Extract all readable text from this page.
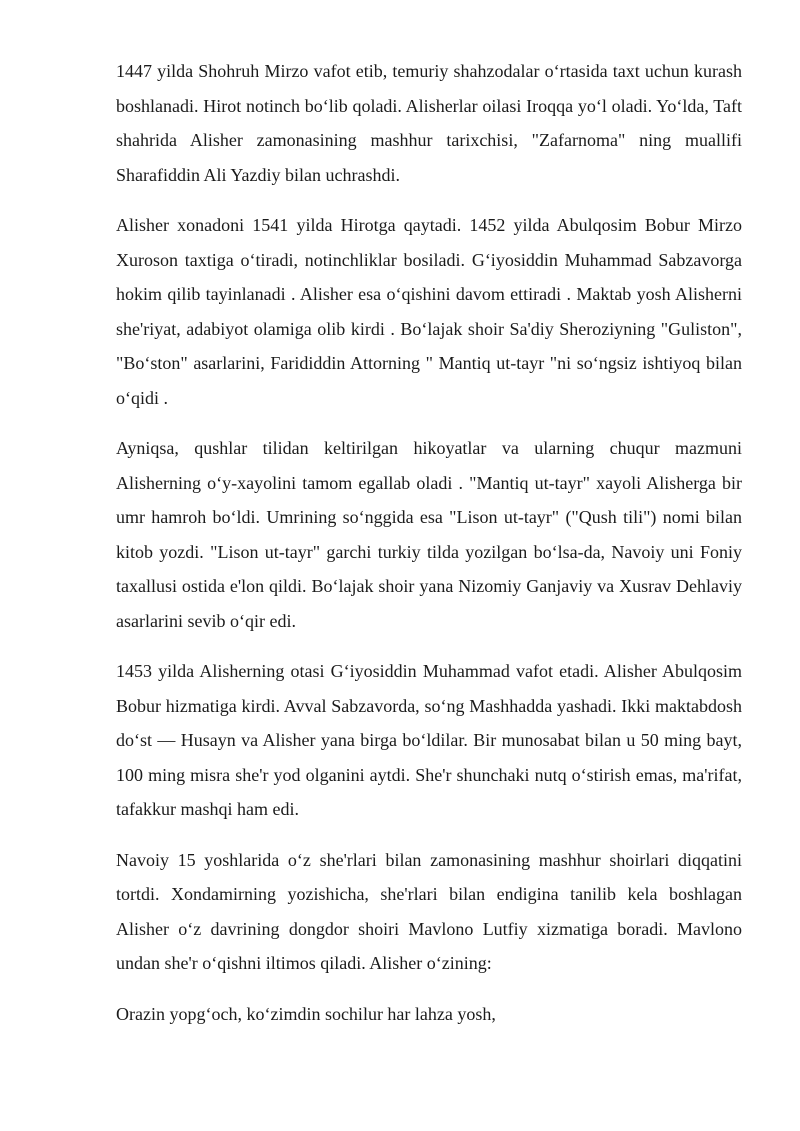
1447 yilda Shohruh Mirzo vafot etib, temuriy shahzodalar o‘rtasida taxt uchun kurash boshlanadi. Hirot notinch bo‘lib qoladi. Alisherlar oilasi Iroqqa yo‘l oladi. Yo‘lda, Taft shahrida Alisher zamonasining mashhur tarixchisi, "Zafarnoma" ning muallifi Sharafiddin Ali Yazdiy bilan uchrashdi.

Alisher xonadoni 1541 yilda Hirotga qaytadi. 1452 yilda Abulqosim Bobur Mirzo Xuroson taxtiga o‘tiradi, notinchliklar bosiladi. G‘iyosiddin Muhammad Sabzavorga hokim qilib tayinlanadi . Alisher esa o‘qishini davom ettiradi . Maktab yosh Alisherni she'riyat, adabiyot olamiga olib kirdi . Bo‘lajak shoir Sa'diy Sheroziyning "Guliston", "Bo‘ston" asarlarini, Farididdin Attorning " Mantiq ut-tayr "ni so‘ngsiz ishtiyoq bilan o‘qidi .

Ayniqsa, qushlar tilidan keltirilgan hikoyatlar va ularning chuqur mazmuni Alisherning o‘y-xayolini tamom egallab oladi . "Mantiq ut-tayr" xayoli Alisherga bir umr hamroh bo‘ldi. Umrining so‘nggida esa "Lison ut-tayr" ("Qush tili") nomi bilan kitob yozdi. "Lison ut-tayr" garchi turkiy tilda yozilgan bo‘lsa-da, Navoiy uni Foniy taxallusi ostida e'lon qildi. Bo‘lajak shoir yana Nizomiy Ganjaviy va Xusrav Dehlaviy asarlarini sevib o‘qir edi.

1453 yilda Alisherning otasi G‘iyosiddin Muhammad vafot etadi. Alisher Abulqosim Bobur hizmatiga kirdi. Avval Sabzavorda, so‘ng Mashhadda yashadi. Ikki maktabdosh do‘st — Husayn va Alisher yana birga bo‘ldilar. Bir munosabat bilan u 50 ming bayt, 100 ming misra she'r yod olganini aytdi. She'r shunchaki nutq o‘stirish emas, ma'rifat, tafakkur mashqi ham edi.

Navoiy 15 yoshlarida o‘z she'rlari bilan zamonasining mashhur shoirlari diqqatini tortdi. Xondamirning yozishicha, she'rlari bilan endigina tanilib kela boshlagan Alisher o‘z davrining dongdor shoiri Mavlono Lutfiy xizmatiga boradi. Mavlono undan she'r o‘qishni iltimos qiladi. Alisher o‘zining:

Orazin yopg‘och, ko‘zimdin sochilur har lahza yosh,
